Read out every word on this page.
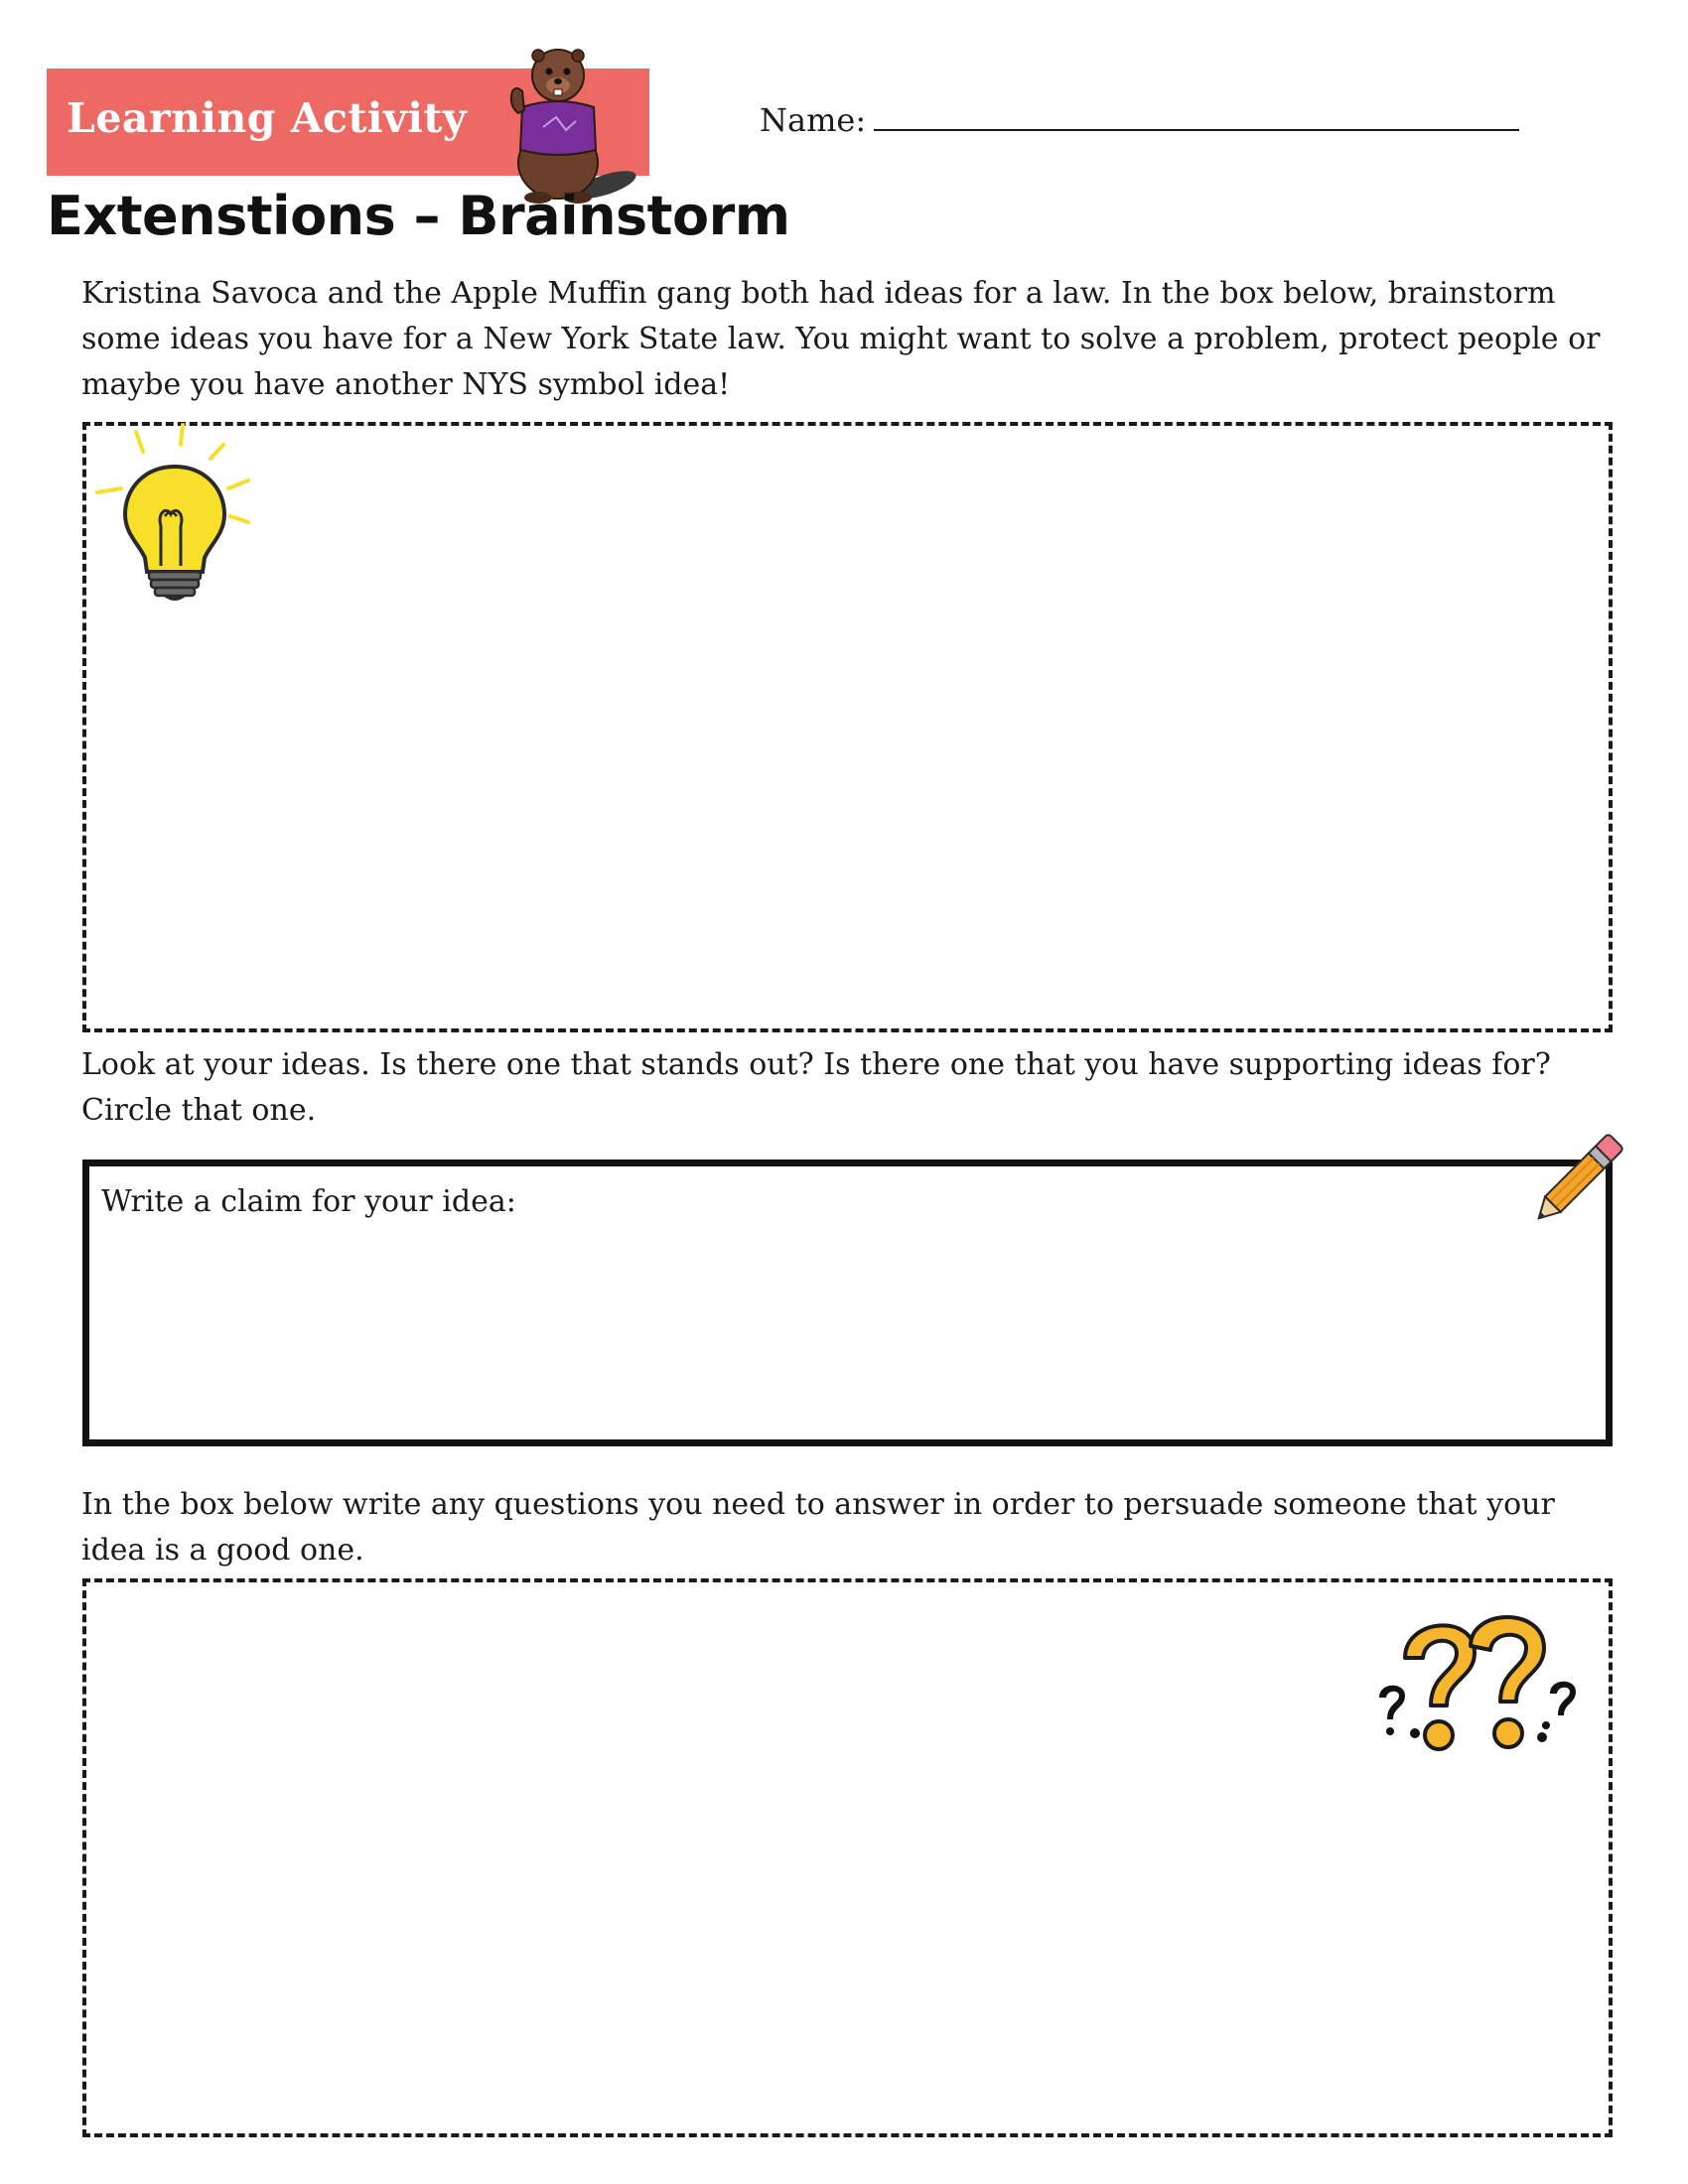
Learning Activity	Name:
Extenstions – Brainstorm
Kristina Savoca and the Apple Muffin gang both had ideas for a law. In the box below, brainstorm some ideas you have for a New York State law. You might want to solve a problem, protect people or maybe you have another NYS symbol idea!
Look at your ideas. Is there one that stands out? Is there one that you have supporting ideas for? Circle that one.
Write a claim for your idea:
In the box below write any questions you need to answer in order to persuade someone that your idea is a good one.
